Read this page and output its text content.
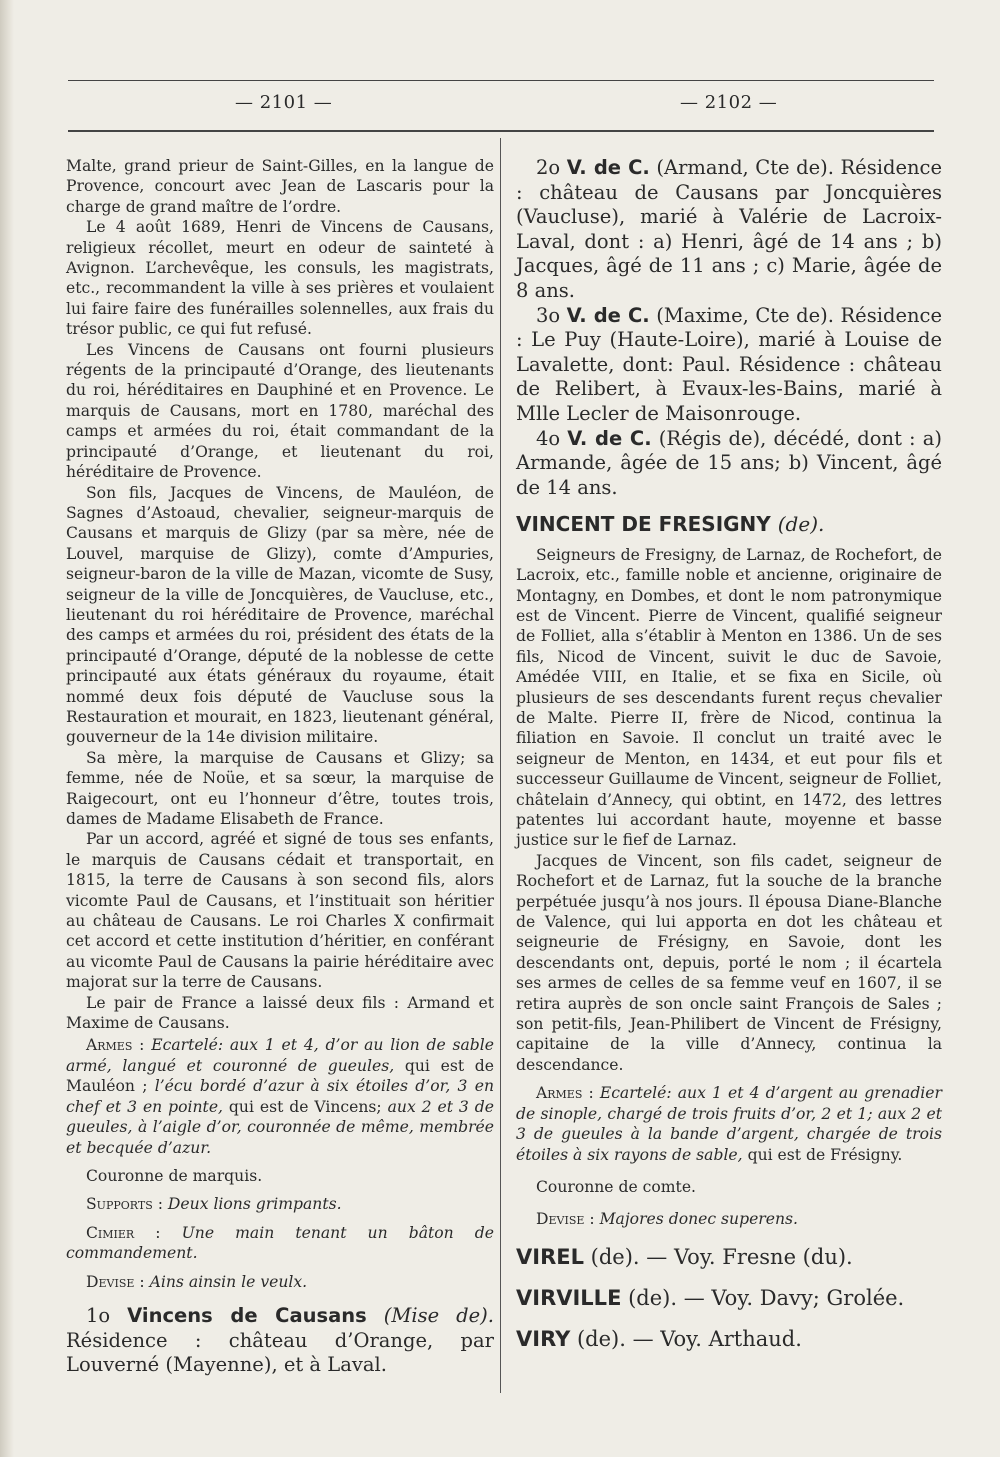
— 2101 —	— 2102 —

Malte, grand prieur de Saint-Gilles, en la langue de Provence, concourt avec Jean de Lascaris pour la charge de grand maître de l’ordre.

Le 4 août 1689, Henri de Vincens de Causans, religieux récollet, meurt en odeur de sainteté à Avignon. L’archevêque, les consuls, les magistrats, etc., recommandent la ville à ses prières et voulaient lui faire faire des funérailles solennelles, aux frais du trésor public, ce qui fut refusé.

Les Vincens de Causans ont fourni plusieurs régents de la principauté d’Orange, des lieutenants du roi, héréditaires en Dauphiné et en Provence. Le marquis de Causans, mort en 1780, maréchal des camps et armées du roi, était commandant de la principauté d’Orange, et lieutenant du roi, héréditaire de Provence.

Son fils, Jacques de Vincens, de Mauléon, de Sagnes d’Astoaud, chevalier, seigneur-marquis de Causans et marquis de Glizy (par sa mère, née de Louvel, marquise de Glizy), comte d’Ampuries, seigneur-baron de la ville de Mazan, vicomte de Susy, seigneur de la ville de Joncquières, de Vaucluse, etc., lieutenant du roi héréditaire de Provence, maréchal des camps et armées du roi, président des états de la principauté d’Orange, député de la noblesse de cette principauté aux états généraux du royaume, était nommé deux fois député de Vaucluse sous la Restauration et mourait, en 1823, lieutenant général, gouverneur de la 14e division militaire.

Sa mère, la marquise de Causans et Glizy; sa femme, née de Noüe, et sa sœur, la marquise de Raigecourt, ont eu l’honneur d’être, toutes trois, dames de Madame Elisabeth de France.

Par un accord, agréé et signé de tous ses enfants, le marquis de Causans cédait et transportait, en 1815, la terre de Causans à son second fils, alors vicomte Paul de Causans, et l’instituait son héritier au château de Causans. Le roi Charles X confirmait cet accord et cette institution d’héritier, en conférant au vicomte Paul de Causans la pairie héréditaire avec majorat sur la terre de Causans.

Le pair de France a laissé deux fils : Armand et Maxime de Causans.

Armes : Ecartelé: aux 1 et 4, d’or au lion de sable armé, langué et couronné de gueules, qui est de Mauléon ; l’écu bordé d’azur à six étoiles d’or, 3 en chef et 3 en pointe, qui est de Vincens; aux 2 et 3 de gueules, à l’aigle d’or, couronnée de même, membrée et becquée d’azur.

Couronne de marquis.

Supports : Deux lions grimpants.

Cimier : Une main tenant un bâton de commandement.

Devise : Ains ainsin le veulx.

1o Vincens de Causans (Mise de). Résidence : château d’Orange, par Louverné (Mayenne), et à Laval.

2o V. de C. (Armand, Cte de). Résidence : château de Causans par Joncquières (Vaucluse), marié à Valérie de Lacroix-Laval, dont : a) Henri, âgé de 14 ans ; b) Jacques, âgé de 11 ans ; c) Marie, âgée de 8 ans.

3o V. de C. (Maxime, Cte de). Résidence : Le Puy (Haute-Loire), marié à Louise de Lavalette, dont: Paul. Résidence : château de Relibert, à Evaux-les-Bains, marié à Mlle Lecler de Maisonrouge.

4o V. de C. (Régis de), décédé, dont : a) Armande, âgée de 15 ans; b) Vincent, âgé de 14 ans.

VINCENT DE FRESIGNY (de).

Seigneurs de Fresigny, de Larnaz, de Rochefort, de Lacroix, etc., famille noble et ancienne, originaire de Montagny, en Dombes, et dont le nom patronymique est de Vincent. Pierre de Vincent, qualifié seigneur de Folliet, alla s’établir à Menton en 1386. Un de ses fils, Nicod de Vincent, suivit le duc de Savoie, Amédée VIII, en Italie, et se fixa en Sicile, où plusieurs de ses descendants furent reçus chevalier de Malte. Pierre II, frère de Nicod, continua la filiation en Savoie. Il conclut un traité avec le seigneur de Menton, en 1434, et eut pour fils et successeur Guillaume de Vincent, seigneur de Folliet, châtelain d’Annecy, qui obtint, en 1472, des lettres patentes lui accordant haute, moyenne et basse justice sur le fief de Larnaz.

Jacques de Vincent, son fils cadet, seigneur de Rochefort et de Larnaz, fut la souche de la branche perpétuée jusqu’à nos jours. Il épousa Diane-Blanche de Valence, qui lui apporta en dot les château et seigneurie de Frésigny, en Savoie, dont les descendants ont, depuis, porté le nom ; il écartela ses armes de celles de sa femme veuf en 1607, il se retira auprès de son oncle saint François de Sales ; son petit-fils, Jean-Philibert de Vincent de Frésigny, capitaine de la ville d’Annecy, continua la descendance.

Armes : Ecartelé: aux 1 et 4 d’argent au grenadier de sinople, chargé de trois fruits d’or, 2 et 1; aux 2 et 3 de gueules à la bande d’argent, chargée de trois étoiles à six rayons de sable, qui est de Frésigny.

Couronne de comte.

Devise : Majores donec superens.

VIREL (de). — Voy. Fresne (du).

VIRVILLE (de). — Voy. Davy; Grolée.

VIRY (de). — Voy. Arthaud.
